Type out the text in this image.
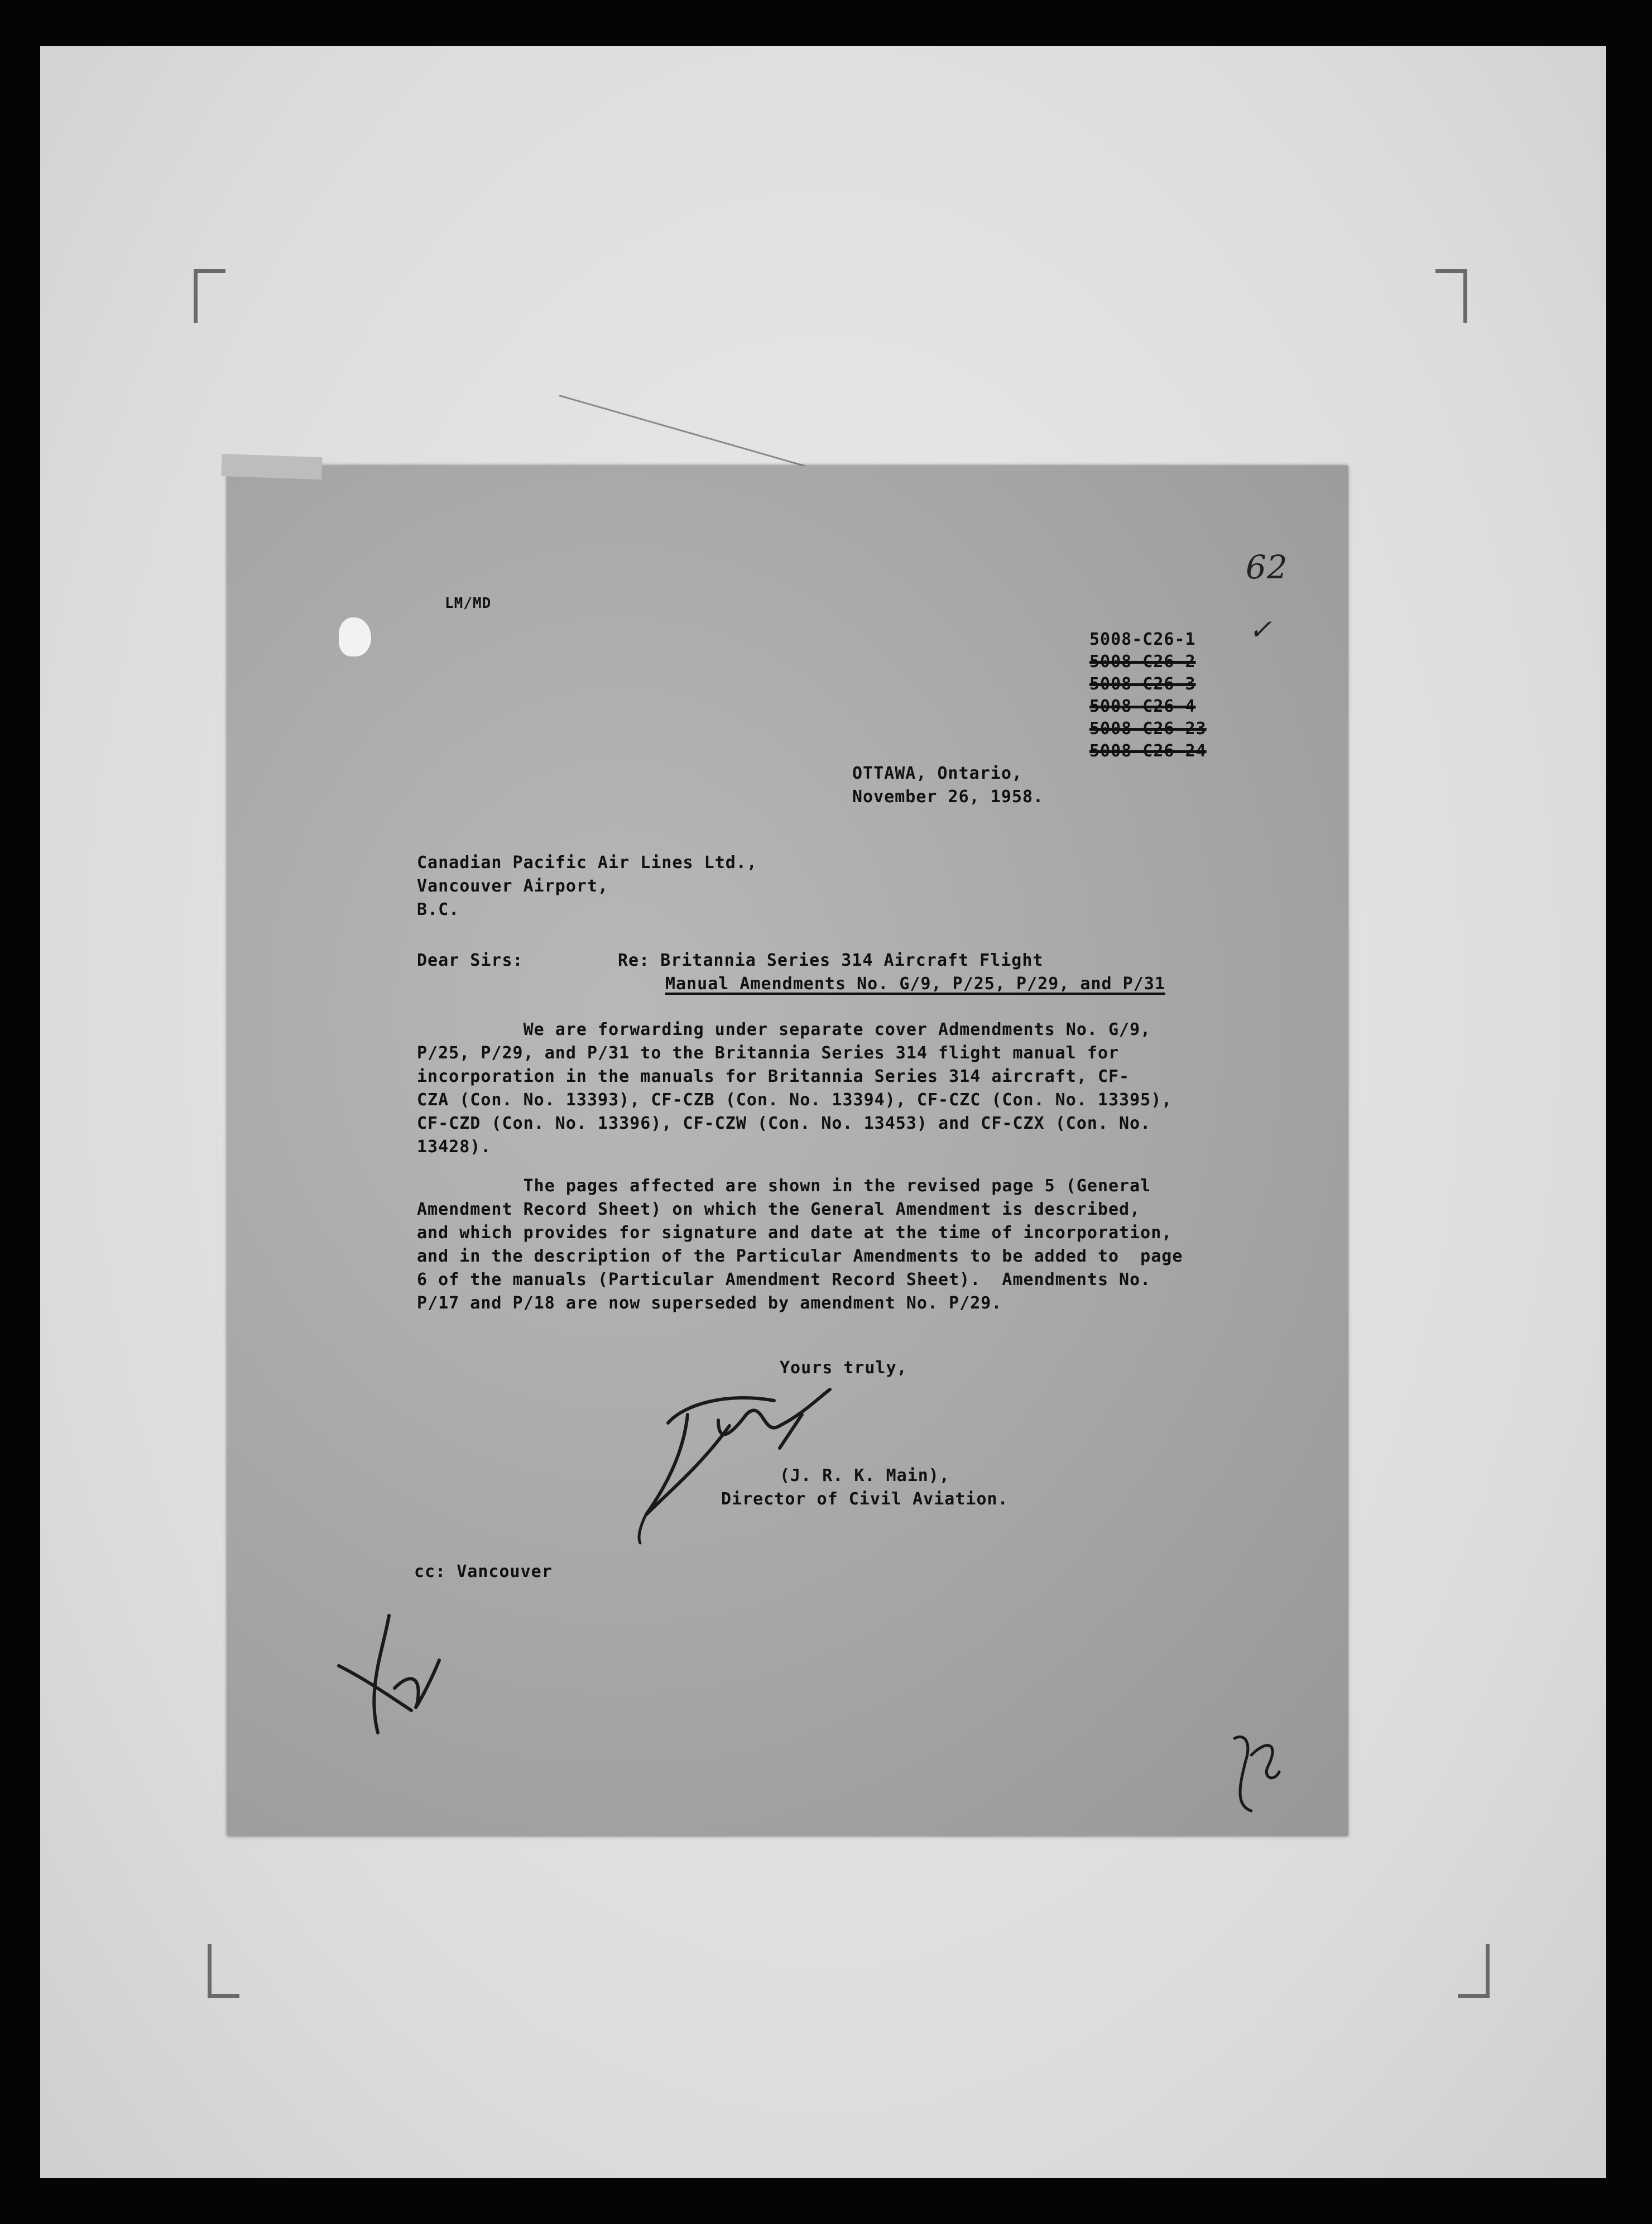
62
LM/MD
5008-C26-1 ✓
5008-C26-2
5008-C26-3
5008-C26-4
5008-C26-23
5008-C26-24
OTTAWA, Ontario,
November 26, 1958.
Canadian Pacific Air Lines Ltd.,
Vancouver Airport,
B.C.
Dear Sirs:	Re: Britannia Series 314 Aircraft Flight
Manual Amendments No. G/9, P/25, P/29, and P/31
We are forwarding under separate cover Admendments No. G/9,
P/25, P/29, and P/31 to the Britannia Series 314 flight manual for
incorporation in the manuals for Britannia Series 314 aircraft, CF-
CZA (Con. No. 13393), CF-CZB (Con. No. 13394), CF-CZC (Con. No. 13395),
CF-CZD (Con. No. 13396), CF-CZW (Con. No. 13453) and CF-CZX (Con. No.
13428).
The pages affected are shown in the revised page 5 (General
Amendment Record Sheet) on which the General Amendment is described,
and which provides for signature and date at the time of incorporation,
and in the description of the Particular Amendments to be added to  page
6 of the manuals (Particular Amendment Record Sheet).  Amendments No.
P/17 and P/18 are now superseded by amendment No. P/29.
Yours truly,
(J. R. K. Main),
Director of Civil Aviation.
cc: Vancouver
